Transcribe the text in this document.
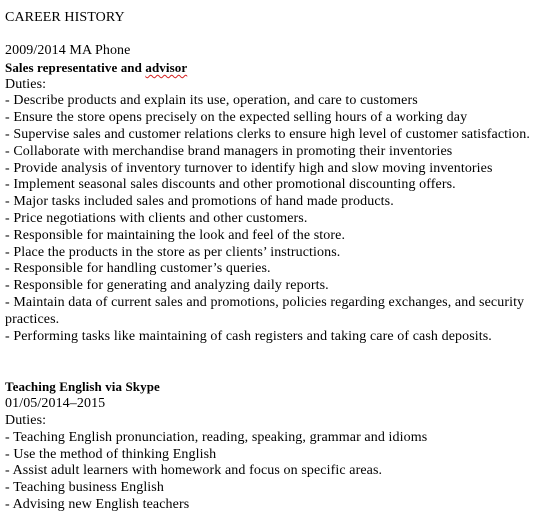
CAREER HISTORY
2009/2014 MA Phone
Sales representative and advisor
Duties:
- Describe products and explain its use, operation, and care to customers
- Ensure the store opens precisely on the expected selling hours of a working day
- Supervise sales and customer relations clerks to ensure high level of customer satisfaction.
- Collaborate with merchandise brand managers in promoting their inventories
- Provide analysis of inventory turnover to identify high and slow moving inventories
- Implement seasonal sales discounts and other promotional discounting offers.
- Major tasks included sales and promotions of hand made products.
- Price negotiations with clients and other customers.
- Responsible for maintaining the look and feel of the store.
- Place the products in the store as per clients’ instructions.
- Responsible for handling customer’s queries.
- Responsible for generating and analyzing daily reports.
- Maintain data of current sales and promotions, policies regarding exchanges, and security practices.
- Performing tasks like maintaining of cash registers and taking care of cash deposits.
Teaching English via Skype
01/05/2014–2015
Duties:
- Teaching English pronunciation, reading, speaking, grammar and idioms
- Use the method of thinking English
- Assist adult learners with homework and focus on specific areas.
- Teaching business English
- Advising new English teachers
